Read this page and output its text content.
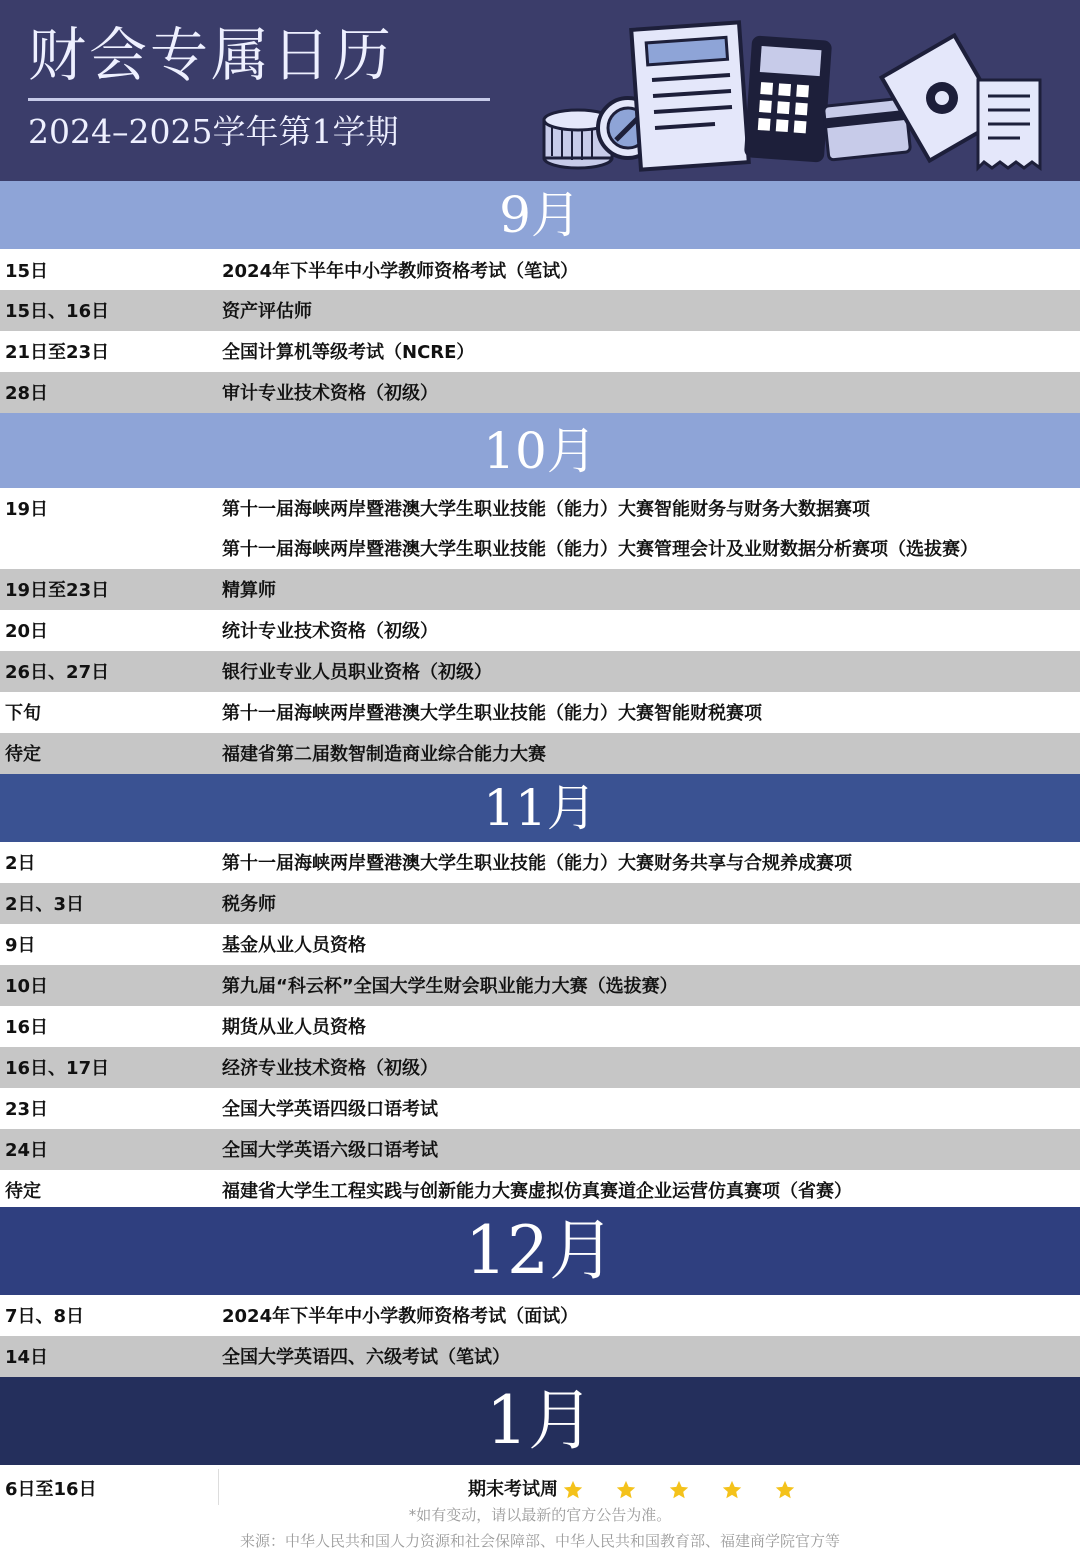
财会专属日历
2024–2025学年第1学期
9月
15日	2024年下半年中小学教师资格考试（笔试）
15日、16日	资产评估师
21日至23日	全国计算机等级考试（NCRE）
28日	审计专业技术资格（初级）
10月
19日	第十一届海峡两岸暨港澳大学生职业技能（能力）大赛智能财务与财务大数据赛项
第十一届海峡两岸暨港澳大学生职业技能（能力）大赛管理会计及业财数据分析赛项（选拔赛）
19日至23日	精算师
20日	统计专业技术资格（初级）
26日、27日	银行业专业人员职业资格（初级）
下旬	第十一届海峡两岸暨港澳大学生职业技能（能力）大赛智能财税赛项
待定	福建省第二届数智制造商业综合能力大赛
11月
2日	第十一届海峡两岸暨港澳大学生职业技能（能力）大赛财务共享与合规养成赛项
2日、3日	税务师
9日	基金从业人员资格
10日	第九届“科云杯”全国大学生财会职业能力大赛（选拔赛）
16日	期货从业人员资格
16日、17日	经济专业技术资格（初级）
23日	全国大学英语四级口语考试
24日	全国大学英语六级口语考试
待定	福建省大学生工程实践与创新能力大赛虚拟仿真赛道企业运营仿真赛项（省赛）
12月
7日、8日	2024年下半年中小学教师资格考试（面试）
14日	全国大学英语四、六级考试（笔试）
1月
6日至16日	期末考试周
*如有变动，请以最新的官方公告为准。
来源：中华人民共和国人力资源和社会保障部、中华人民共和国教育部、福建商学院官方等
